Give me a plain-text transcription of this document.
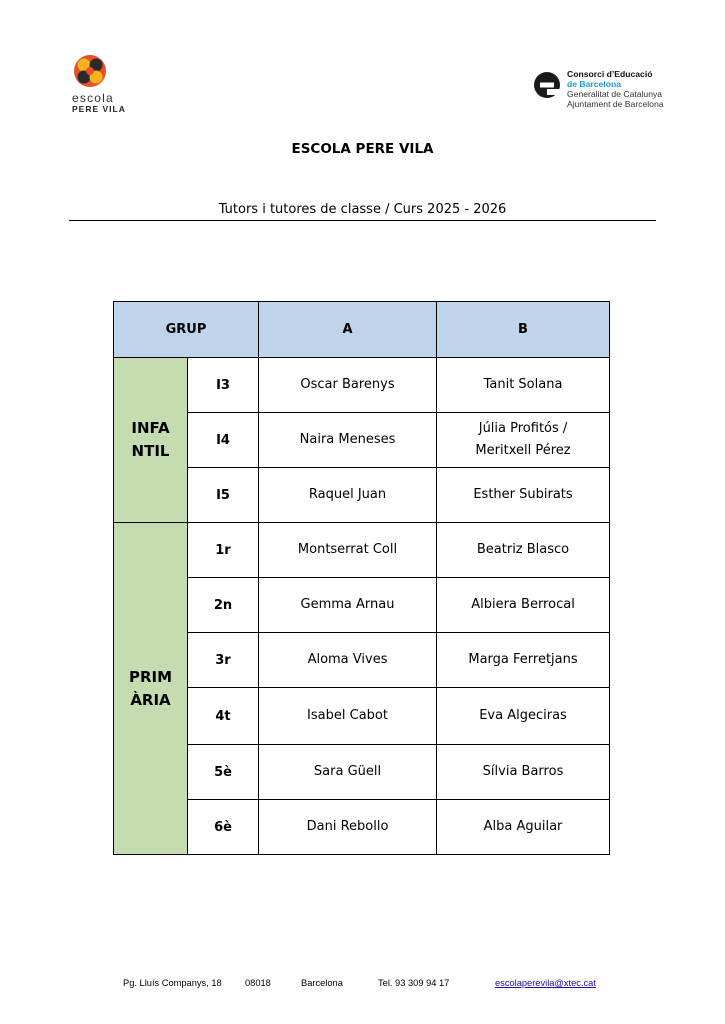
escola
PERE VILA
Consorci d’Educació
de Barcelona
Generalitat de Catalunya
Ajuntament de Barcelona
ESCOLA PERE VILA
Tutors i tutores de classe / Curs 2025 - 2026
GRUP		A	B
INFA
NTIL	I3	Oscar Barenys	Tanit Solana
	I4	Naira Meneses	Júlia Profitós /
Meritxell Pérez
	I5	Raquel Juan	Esther Subirats
PRIM
ÀRIA	1r	Montserrat Coll	Beatriz Blasco
	2n	Gemma Arnau	Albiera Berrocal
	3r	Aloma Vives	Marga Ferretjans
	4t	Isabel Cabot	Eva Algeciras
	5è	Sara Güell	Sílvia Barros
	6è	Dani Rebollo	Alba Aguilar
Pg. Lluís Companys, 18	08018	Barcelona	Tel. 93 309 94 17	escolaperevila@xtec.cat
